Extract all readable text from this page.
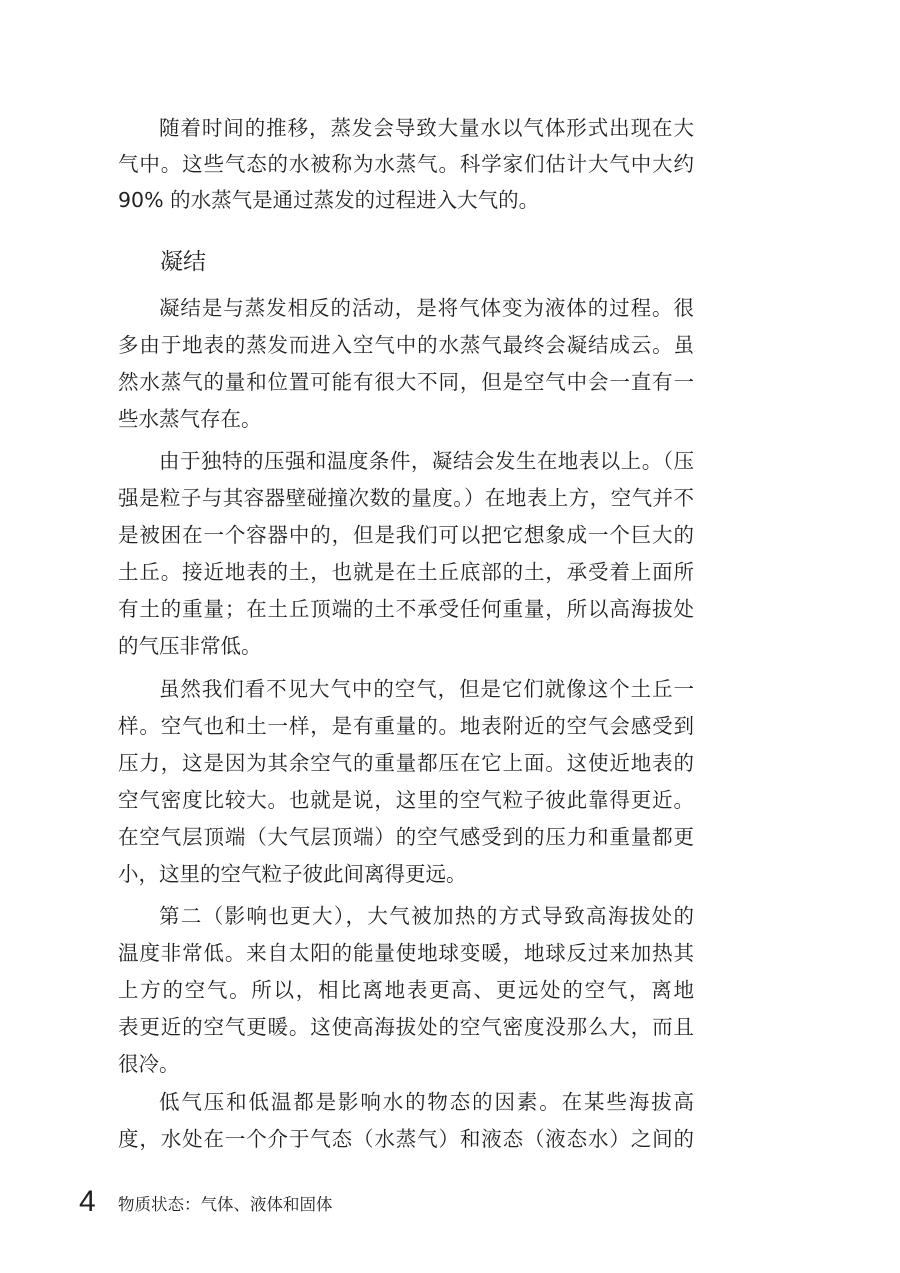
随着时间的推移，蒸发会导致大量水以气体形式出现在大
气中。这些气态的水被称为水蒸气。科学家们估计大气中大约
90% 的水蒸气是通过蒸发的过程进入大气的。
凝结
凝结是与蒸发相反的活动，是将气体变为液体的过程。很
多由于地表的蒸发而进入空气中的水蒸气最终会凝结成云。虽
然水蒸气的量和位置可能有很大不同，但是空气中会一直有一
些水蒸气存在。
由于独特的压强和温度条件，凝结会发生在地表以上。（压
强是粒子与其容器壁碰撞次数的量度。）在地表上方，空气并不
是被困在一个容器中的，但是我们可以把它想象成一个巨大的
土丘。接近地表的土，也就是在土丘底部的土，承受着上面所
有土的重量；在土丘顶端的土不承受任何重量，所以高海拔处
的气压非常低。
虽然我们看不见大气中的空气，但是它们就像这个土丘一
样。空气也和土一样，是有重量的。地表附近的空气会感受到
压力，这是因为其余空气的重量都压在它上面。这使近地表的
空气密度比较大。也就是说，这里的空气粒子彼此靠得更近。
在空气层顶端（大气层顶端）的空气感受到的压力和重量都更
小，这里的空气粒子彼此间离得更远。
第二（影响也更大），大气被加热的方式导致高海拔处的
温度非常低。来自太阳的能量使地球变暖，地球反过来加热其
上方的空气。所以，相比离地表更高、更远处的空气，离地
表更近的空气更暖。这使高海拔处的空气密度没那么大，而且
很冷。
低气压和低温都是影响水的物态的因素。在某些海拔高
度，水处在一个介于气态（水蒸气）和液态（液态水）之间的
4 物质状态：气体、液体和固体
